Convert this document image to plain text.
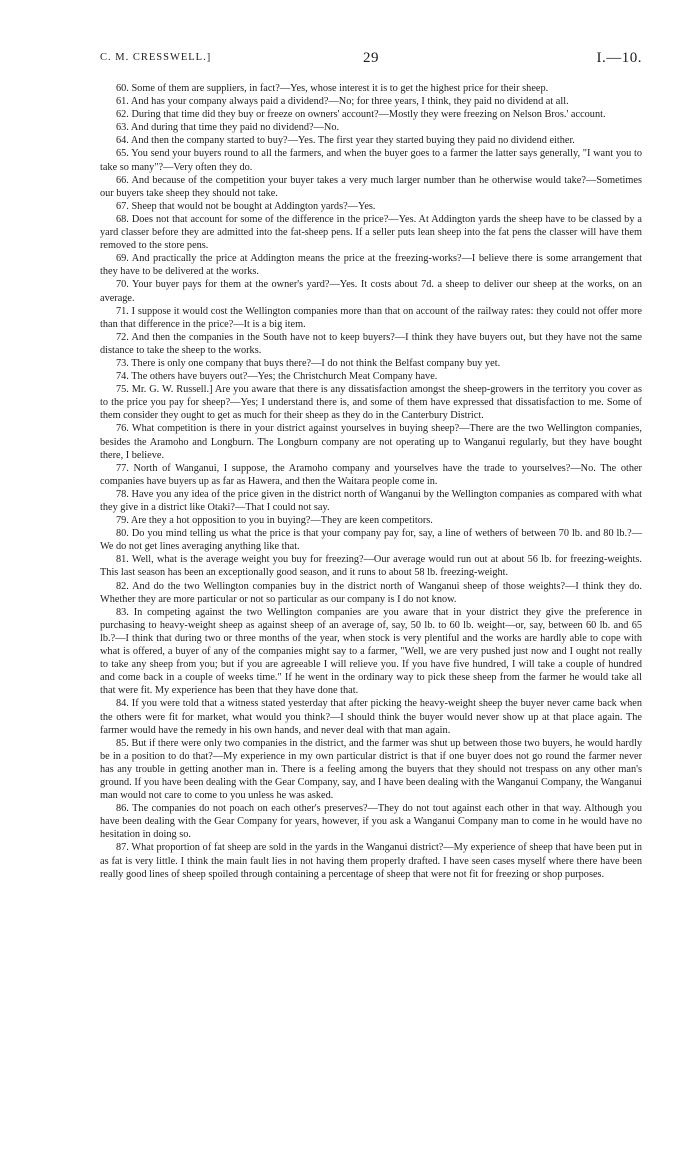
C. M. CRESSWELL.]	29	I.—10.

60. Some of them are suppliers, in fact?—Yes, whose interest it is to get the highest price for their sheep.

61. And has your company always paid a dividend?—No; for three years, I think, they paid no dividend at all.

62. During that time did they buy or freeze on owners' account?—Mostly they were freezing on Nelson Bros.' account.

63. And during that time they paid no dividend?—No.

64. And then the company started to buy?—Yes. The first year they started buying they paid no dividend either.

65. You send your buyers round to all the farmers, and when the buyer goes to a farmer the latter says generally, "I want you to take so many"?—Very often they do.

66. And because of the competition your buyer takes a very much larger number than he otherwise would take?—Sometimes our buyers take sheep they should not take.

67. Sheep that would not be bought at Addington yards?—Yes.

68. Does not that account for some of the difference in the price?—Yes. At Addington yards the sheep have to be classed by a yard classer before they are admitted into the fat-sheep pens. If a seller puts lean sheep into the fat pens the classer will have them removed to the store pens.

69. And practically the price at Addington means the price at the freezing-works?—I believe there is some arrangement that they have to be delivered at the works.

70. Your buyer pays for them at the owner's yard?—Yes. It costs about 7d. a sheep to deliver our sheep at the works, on an average.

71. I suppose it would cost the Wellington companies more than that on account of the railway rates: they could not offer more than that difference in the price?—It is a big item.

72. And then the companies in the South have not to keep buyers?—I think they have buyers out, but they have not the same distance to take the sheep to the works.

73. There is only one company that buys there?—I do not think the Belfast company buy yet.

74. The others have buyers out?—Yes; the Christchurch Meat Company have.

75. Mr. G. W. Russell.] Are you aware that there is any dissatisfaction amongst the sheep-growers in the territory you cover as to the price you pay for sheep?—Yes; I understand there is, and some of them have expressed that dissatisfaction to me. Some of them consider they ought to get as much for their sheep as they do in the Canterbury District.

76. What competition is there in your district against yourselves in buying sheep?—There are the two Wellington companies, besides the Aramoho and Longburn. The Longburn company are not operating up to Wanganui regularly, but they have bought there, I believe.

77. North of Wanganui, I suppose, the Aramoho company and yourselves have the trade to yourselves?—No. The other companies have buyers up as far as Hawera, and then the Waitara people come in.

78. Have you any idea of the price given in the district north of Wanganui by the Wellington companies as compared with what they give in a district like Otaki?—That I could not say.

79. Are they a hot opposition to you in buying?—They are keen competitors.

80. Do you mind telling us what the price is that your company pay for, say, a line of wethers of between 70 lb. and 80 lb.?—We do not get lines averaging anything like that.

81. Well, what is the average weight you buy for freezing?—Our average would run out at about 56 lb. for freezing-weights. This last season has been an exceptionally good season, and it runs to about 58 lb. freezing-weight.

82. And do the two Wellington companies buy in the district north of Wanganui sheep of those weights?—I think they do. Whether they are more particular or not so particular as our company is I do not know.

83. In competing against the two Wellington companies are you aware that in your district they give the preference in purchasing to heavy-weight sheep as against sheep of an average of, say, 50 lb. to 60 lb. weight—or, say, between 60 lb. and 65 lb.?—I think that during two or three months of the year, when stock is very plentiful and the works are hardly able to cope with what is offered, a buyer of any of the companies might say to a farmer, "Well, we are very pushed just now and I ought not really to take any sheep from you; but if you are agreeable I will relieve you. If you have five hundred, I will take a couple of hundred and come back in a couple of weeks time." If he went in the ordinary way to pick these sheep from the farmer he would take all that were fit. My experience has been that they have done that.

84. If you were told that a witness stated yesterday that after picking the heavy-weight sheep the buyer never came back when the others were fit for market, what would you think?—I should think the buyer would never show up at that place again. The farmer would have the remedy in his own hands, and never deal with that man again.

85. But if there were only two companies in the district, and the farmer was shut up between those two buyers, he would hardly be in a position to do that?—My experience in my own particular district is that if one buyer does not go round the farmer never has any trouble in getting another man in. There is a feeling among the buyers that they should not trespass on any other man's ground. If you have been dealing with the Gear Company, say, and I have been dealing with the Wanganui Company, the Wanganui man would not care to come to you unless he was asked.

86. The companies do not poach on each other's preserves?—They do not tout against each other in that way. Although you have been dealing with the Gear Company for years, however, if you ask a Wanganui Company man to come in he would have no hesitation in doing so.

87. What proportion of fat sheep are sold in the yards in the Wanganui district?—My experience of sheep that have been put in as fat is very little. I think the main fault lies in not having them properly drafted. I have seen cases myself where there have been really good lines of sheep spoiled through containing a percentage of sheep that were not fit for freezing or shop purposes.
